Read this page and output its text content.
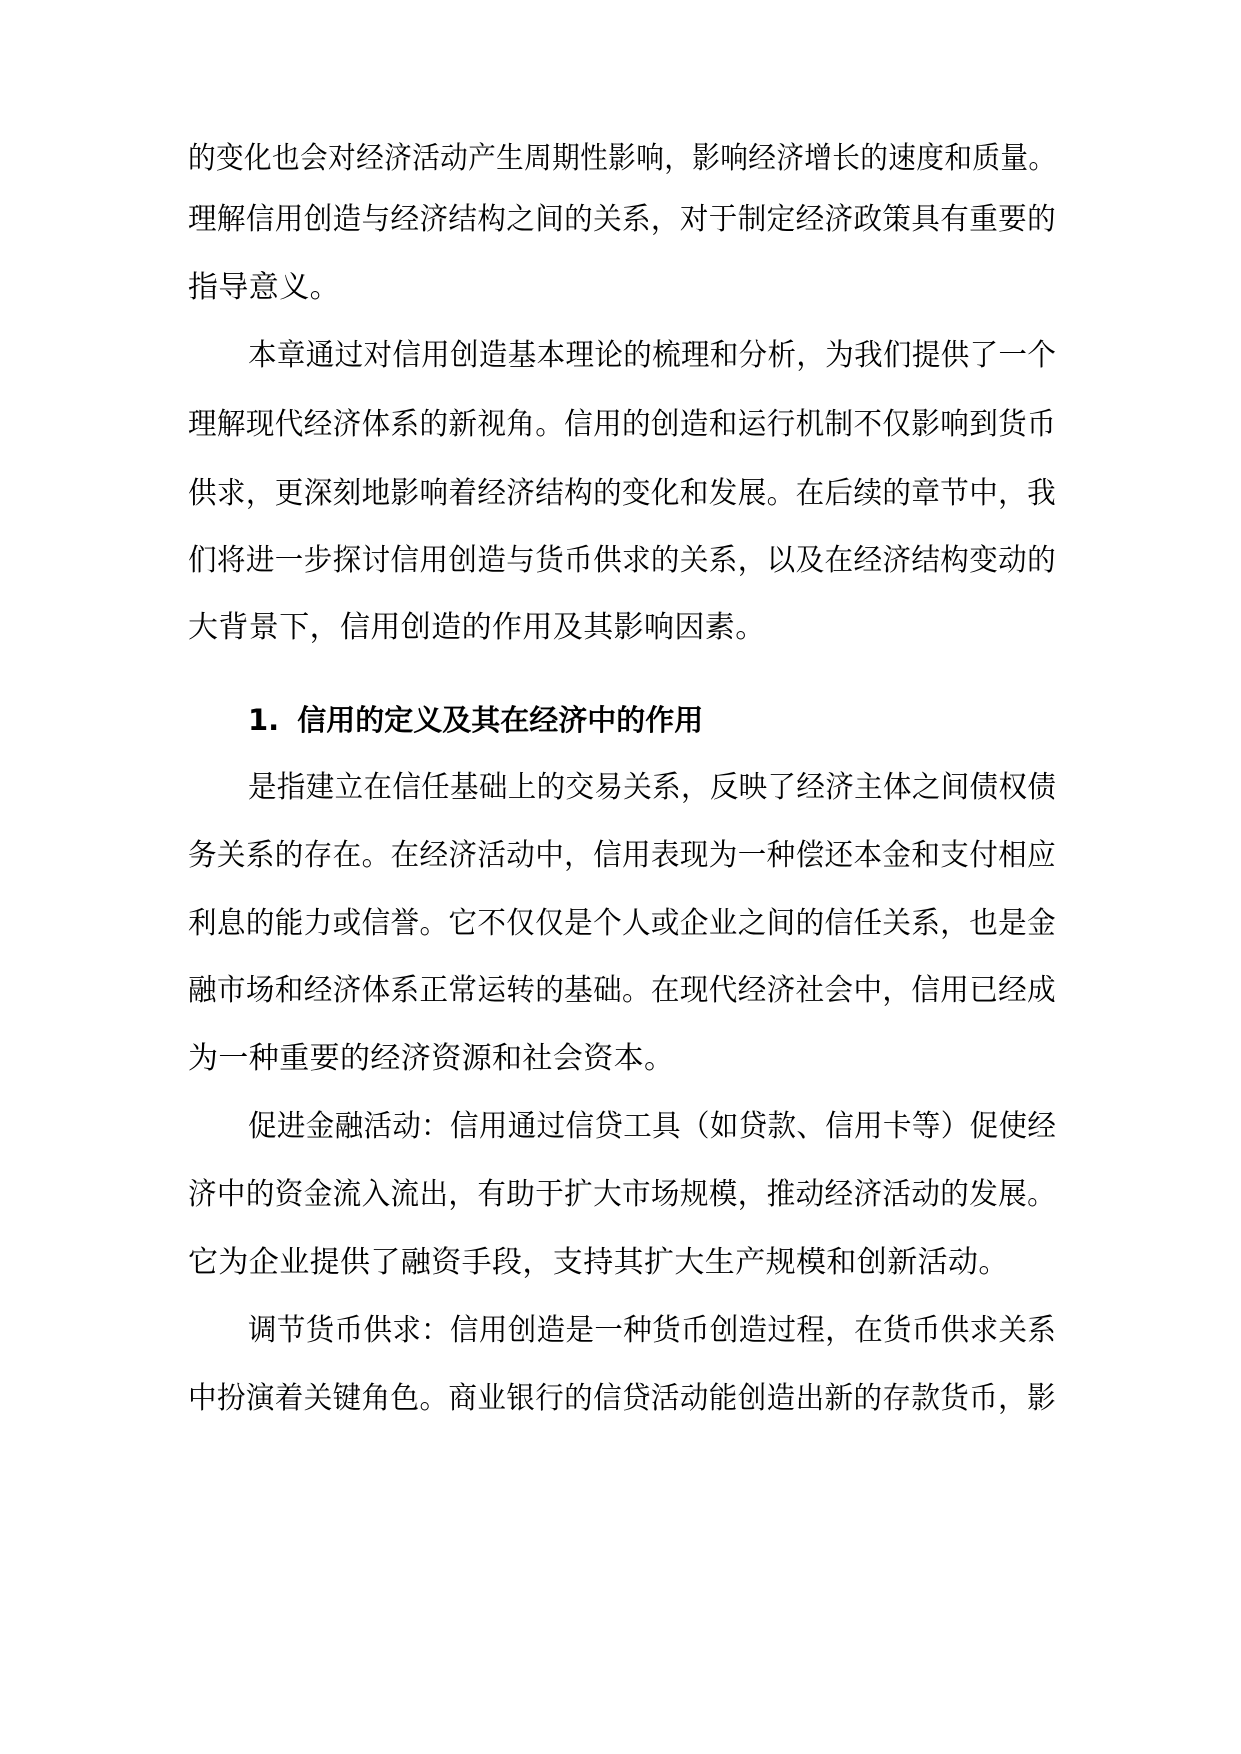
的变化也会对经济活动产生周期性影响，影响经济增长的速度和质量。
理解信用创造与经济结构之间的关系，对于制定经济政策具有重要的
指导意义。
本章通过对信用创造基本理论的梳理和分析，为我们提供了一个
理解现代经济体系的新视角。信用的创造和运行机制不仅影响到货币
供求，更深刻地影响着经济结构的变化和发展。在后续的章节中，我
们将进一步探讨信用创造与货币供求的关系，以及在经济结构变动的
大背景下，信用创造的作用及其影响因素。
1. 信用的定义及其在经济中的作用
是指建立在信任基础上的交易关系，反映了经济主体之间债权债
务关系的存在。在经济活动中，信用表现为一种偿还本金和支付相应
利息的能力或信誉。它不仅仅是个人或企业之间的信任关系，也是金
融市场和经济体系正常运转的基础。在现代经济社会中，信用已经成
为一种重要的经济资源和社会资本。
促进金融活动：信用通过信贷工具（如贷款、信用卡等）促使经
济中的资金流入流出，有助于扩大市场规模，推动经济活动的发展。
它为企业提供了融资手段，支持其扩大生产规模和创新活动。
调节货币供求：信用创造是一种货币创造过程，在货币供求关系
中扮演着关键角色。商业银行的信贷活动能创造出新的存款货币，影
